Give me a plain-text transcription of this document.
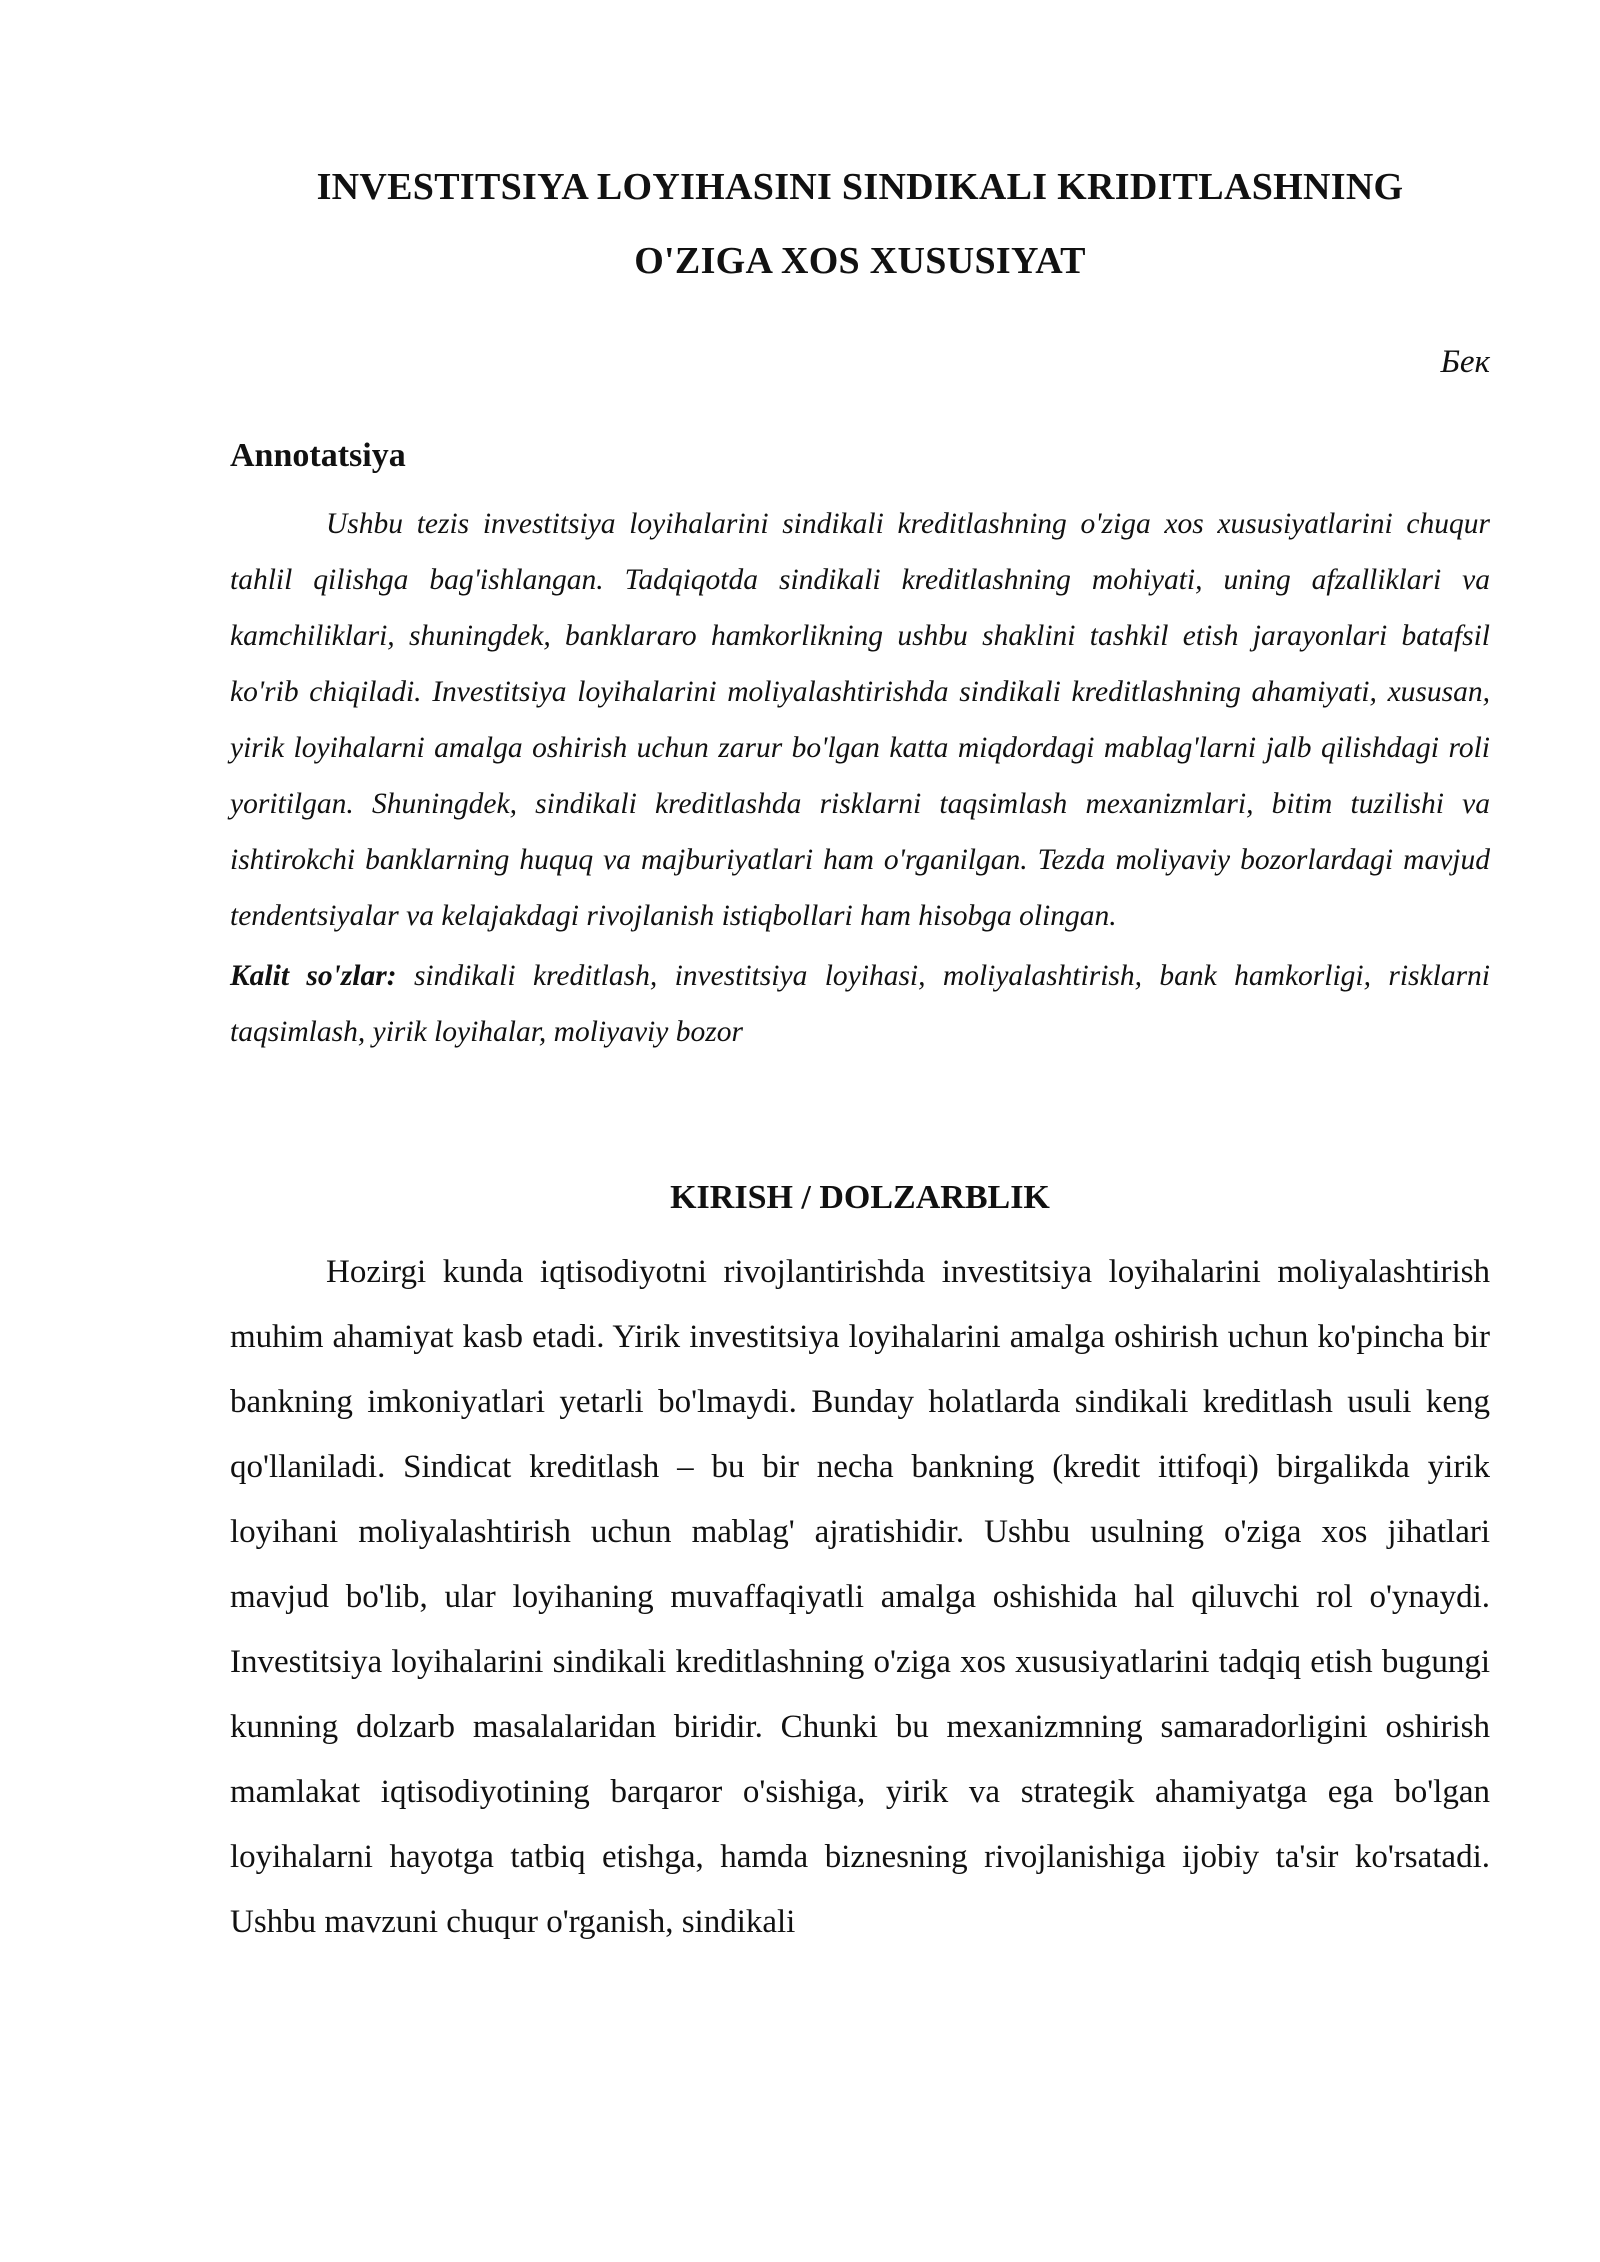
INVESTITSIYA LOYIHASINI SINDIKALI KRIDITLASHNING
O'ZIGA XOS XUSUSIYAT
Бек
Annotatsiya

Ushbu tezis investitsiya loyihalarini sindikali kreditlashning o'ziga xos xususiyatlarini chuqur tahlil qilishga bag'ishlangan. Tadqiqotda sindikali kreditlashning mohiyati, uning afzalliklari va kamchiliklari, shuningdek, banklararo hamkorlikning ushbu shaklini tashkil etish jarayonlari batafsil ko'rib chiqiladi. Investitsiya loyihalarini moliyalashtirishda sindikali kreditlashning ahamiyati, xususan, yirik loyihalarni amalga oshirish uchun zarur bo'lgan katta miqdordagi mablag'larni jalb qilishdagi roli yoritilgan. Shuningdek, sindikali kreditlashda risklarni taqsimlash mexanizmlari, bitim tuzilishi va ishtirokchi banklarning huquq va majburiyatlari ham o'rganilgan. Tezda moliyaviy bozorlardagi mavjud tendentsiyalar va kelajakdagi rivojlanish istiqbollari ham hisobga olingan.

Kalit so'zlar: sindikali kreditlash, investitsiya loyihasi, moliyalashtirish, bank hamkorligi, risklarni taqsimlash, yirik loyihalar, moliyaviy bozor

KIRISH / DOLZARBLIK

Hozirgi kunda iqtisodiyotni rivojlantirishda investitsiya loyihalarini moliyalashtirish muhim ahamiyat kasb etadi. Yirik investitsiya loyihalarini amalga oshirish uchun ko'pincha bir bankning imkoniyatlari yetarli bo'lmaydi. Bunday holatlarda sindikali kreditlash usuli keng qo'llaniladi. Sindicat kreditlash – bu bir necha bankning (kredit ittifoqi) birgalikda yirik loyihani moliyalashtirish uchun mablag' ajratishidir. Ushbu usulning o'ziga xos jihatlari mavjud bo'lib, ular loyihaning muvaffaqiyatli amalga oshishida hal qiluvchi rol o'ynaydi. Investitsiya loyihalarini sindikali kreditlashning o'ziga xos xususiyatlarini tadqiq etish bugungi kunning dolzarb masalalaridan biridir. Chunki bu mexanizmning samaradorligini oshirish mamlakat iqtisodiyotining barqaror o'sishiga, yirik va strategik ahamiyatga ega bo'lgan loyihalarni hayotga tatbiq etishga, hamda biznesning rivojlanishiga ijobiy ta'sir ko'rsatadi. Ushbu mavzuni chuqur o'rganish, sindikali
